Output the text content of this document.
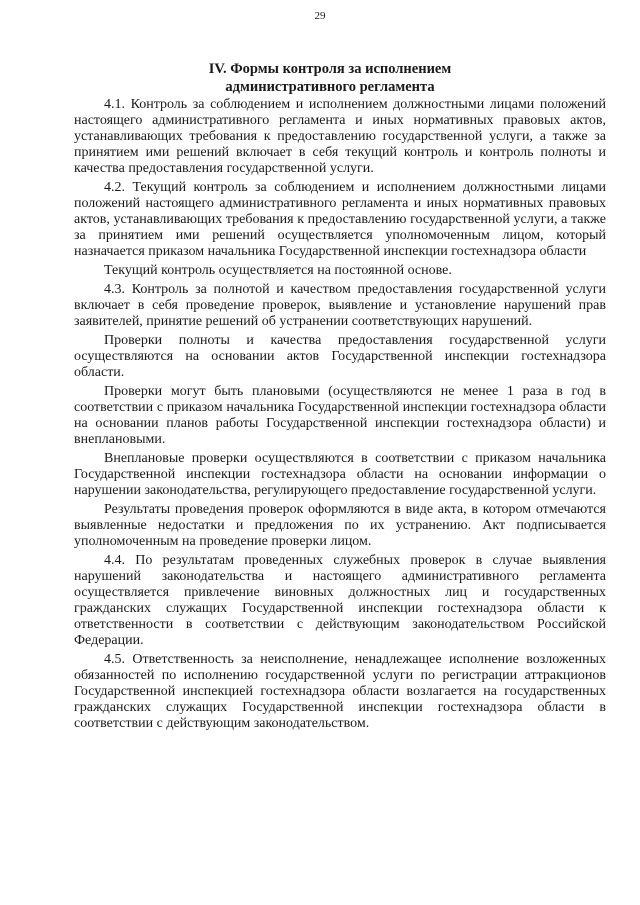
29
IV. Формы контроля за исполнением
административного регламента

4.1. Контроль за соблюдением и исполнением должностными лицами положений настоящего административного регламента и иных нормативных правовых актов, устанавливающих требования к предоставлению государственной услуги, а также за принятием ими решений включает в себя текущий контроль и контроль полноты и качества предоставления государственной услуги.

4.2. Текущий контроль за соблюдением и исполнением должностными лицами положений настоящего административного регламента и иных нормативных правовых актов, устанавливающих требования к предоставлению государственной услуги, а также за принятием ими решений осуществляется уполномоченным лицом, который назначается приказом начальника Государственной инспекции гостехнадзора области

Текущий контроль осуществляется на постоянной основе.

4.3. Контроль за полнотой и качеством предоставления государственной услуги включает в себя проведение проверок, выявление и установление нарушений прав заявителей, принятие решений об устранении соответствующих нарушений.

Проверки полноты и качества предоставления государственной услуги осуществляются на основании актов Государственной инспекции гостехнадзора области.

Проверки могут быть плановыми (осуществляются не менее 1 раза в год в соответствии с приказом начальника Государственной инспекции гостехнадзора области на основании планов работы Государственной инспекции гостехнадзора области) и внеплановыми.

Внеплановые проверки осуществляются в соответствии с приказом начальника Государственной инспекции гостехнадзора области на основании информации о нарушении законодательства, регулирующего предоставление государственной услуги.

Результаты проведения проверок оформляются в виде акта, в котором отмечаются выявленные недостатки и предложения по их устранению. Акт подписывается уполномоченным на проведение проверки лицом.

4.4. По результатам проведенных служебных проверок в случае выявления нарушений законодательства и настоящего административного регламента осуществляется привлечение виновных должностных лиц и государственных гражданских служащих Государственной инспекции гостехнадзора области к ответственности в соответствии с действующим законодательством Российской Федерации.

4.5. Ответственность за неисполнение, ненадлежащее исполнение возложенных обязанностей по исполнению государственной услуги по регистрации аттракционов Государственной инспекцией гостехнадзора области возлагается на государственных гражданских служащих Государственной инспекции гостехнадзора области в соответствии с действующим законодательством.
